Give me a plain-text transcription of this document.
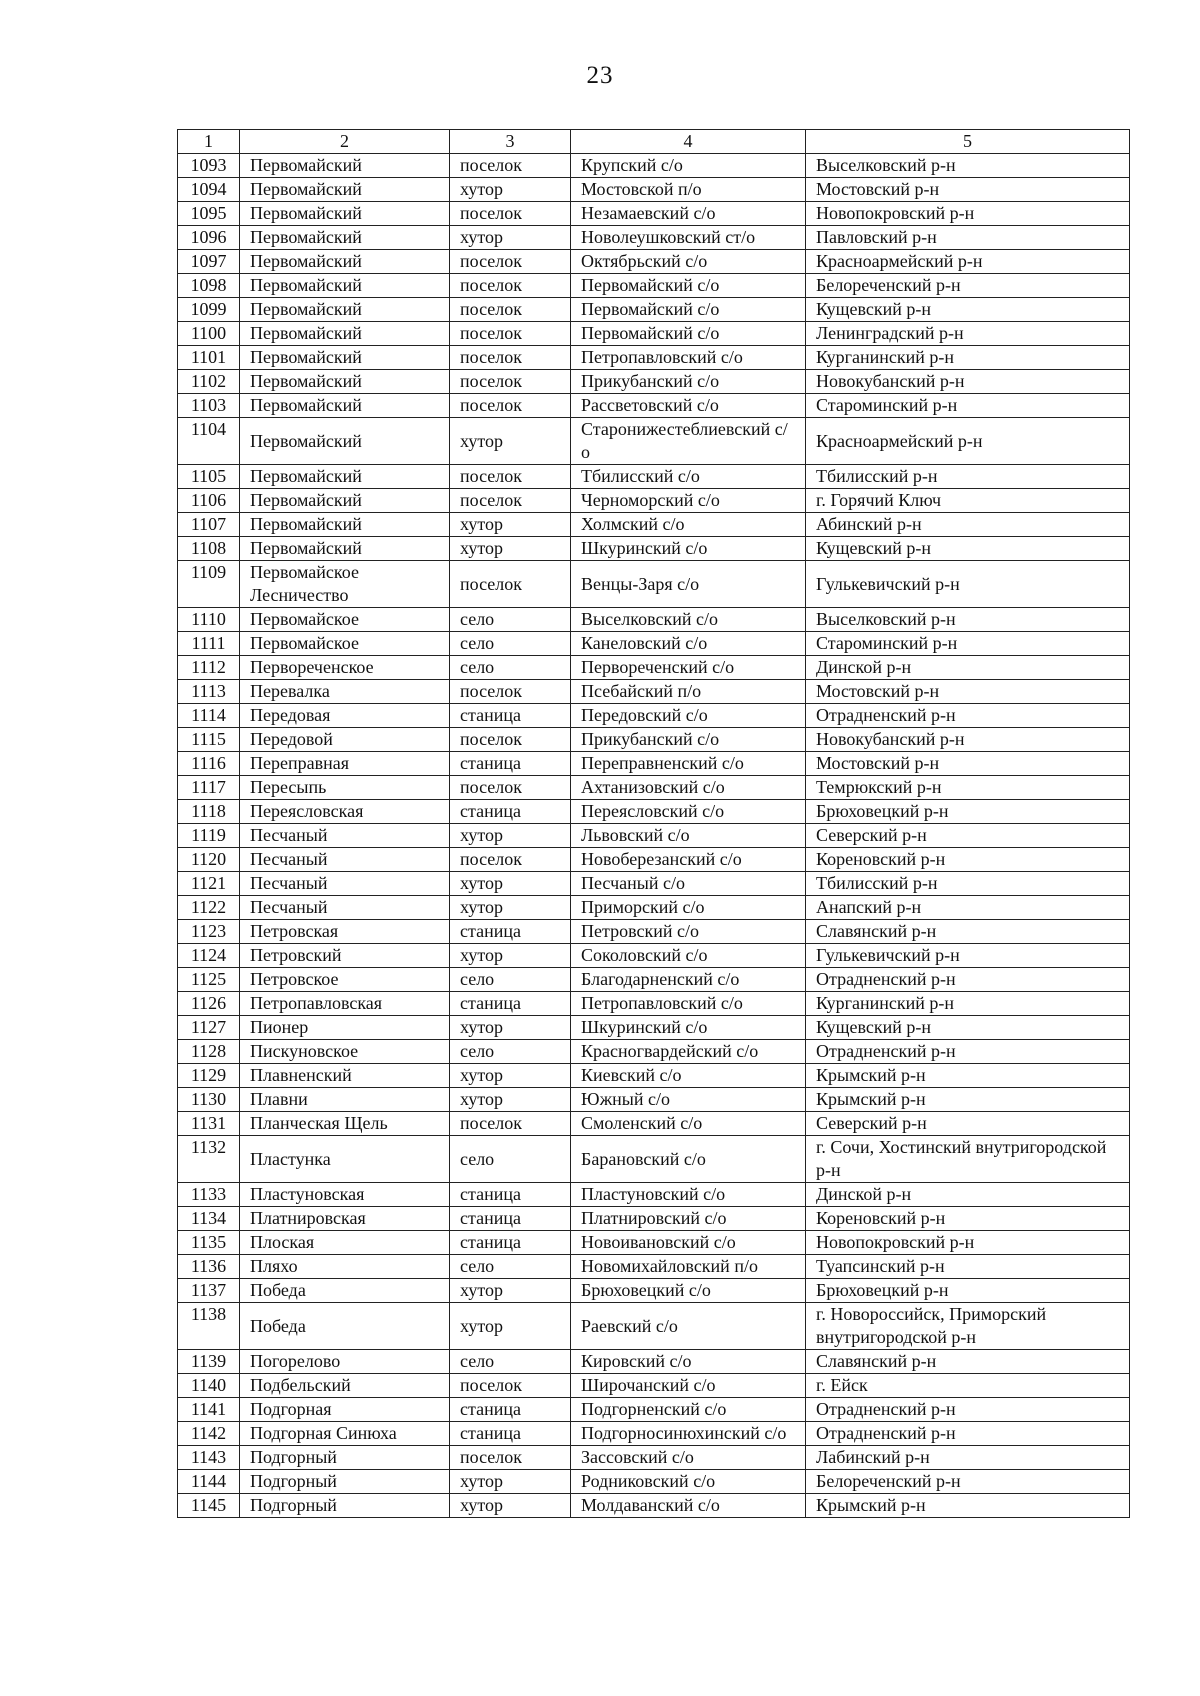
23
1	2	3	4	5
1093	Первомайский	поселок	Крупский с/о	Выселковский р-н
1094	Первомайский	хутор	Мостовской п/о	Мостовский р-н
1095	Первомайский	поселок	Незамаевский с/о	Новопокровский р-н
1096	Первомайский	хутор	Новолеушковский ст/о	Павловский р-н
1097	Первомайский	поселок	Октябрьский с/о	Красноармейский р-н
1098	Первомайский	поселок	Первомайский с/о	Белореченский р-н
1099	Первомайский	поселок	Первомайский с/о	Кущевский р-н
1100	Первомайский	поселок	Первомайский с/о	Ленинградский р-н
1101	Первомайский	поселок	Петропавловский с/о	Курганинский р-н
1102	Первомайский	поселок	Прикубанский с/о	Новокубанский р-н
1103	Первомайский	поселок	Рассветовский с/о	Староминский р-н
1104	Первомайский	хутор	Старонижестеблиевский с/о	Красноармейский р-н
1105	Первомайский	поселок	Тбилисский с/о	Тбилисский р-н
1106	Первомайский	поселок	Черноморский с/о	г. Горячий Ключ
1107	Первомайский	хутор	Холмский с/о	Абинский р-н
1108	Первомайский	хутор	Шкуринский с/о	Кущевский р-н
1109	Первомайское Лесничество	поселок	Венцы-Заря с/о	Гулькевичский р-н
1110	Первомайское	село	Выселковский с/о	Выселковский р-н
1111	Первомайское	село	Канеловский с/о	Староминский р-н
1112	Первореченское	село	Первореченский с/о	Динской р-н
1113	Перевалка	поселок	Псебайский п/о	Мостовский р-н
1114	Передовая	станица	Передовский с/о	Отрадненский р-н
1115	Передовой	поселок	Прикубанский с/о	Новокубанский р-н
1116	Переправная	станица	Переправненский с/о	Мостовский р-н
1117	Пересыпь	поселок	Ахтанизовский с/о	Темрюкский р-н
1118	Переясловская	станица	Переясловский с/о	Брюховецкий р-н
1119	Песчаный	хутор	Львовский с/о	Северский р-н
1120	Песчаный	поселок	Новоберезанский с/о	Кореновский р-н
1121	Песчаный	хутор	Песчаный с/о	Тбилисский р-н
1122	Песчаный	хутор	Приморский с/о	Анапский р-н
1123	Петровская	станица	Петровский с/о	Славянский р-н
1124	Петровский	хутор	Соколовский с/о	Гулькевичский р-н
1125	Петровское	село	Благодарненский с/о	Отрадненский р-н
1126	Петропавловская	станица	Петропавловский с/о	Курганинский р-н
1127	Пионер	хутор	Шкуринский с/о	Кущевский р-н
1128	Пискуновское	село	Красногвардейский с/о	Отрадненский р-н
1129	Плавненский	хутор	Киевский с/о	Крымский р-н
1130	Плавни	хутор	Южный с/о	Крымский р-н
1131	Планческая Щель	поселок	Смоленский с/о	Северский р-н
1132	Пластунка	село	Барановский с/о	г. Сочи, Хостинский внутригородской р-н
1133	Пластуновская	станица	Пластуновский с/о	Динской р-н
1134	Платнировская	станица	Платнировский с/о	Кореновский р-н
1135	Плоская	станица	Новоивановский с/о	Новопокровский р-н
1136	Пляхо	село	Новомихайловский п/о	Туапсинский р-н
1137	Победа	хутор	Брюховецкий с/о	Брюховецкий р-н
1138	Победа	хутор	Раевский с/о	г. Новороссийск, Приморский внутригородской р-н
1139	Погорелово	село	Кировский с/о	Славянский р-н
1140	Подбельский	поселок	Широчанский с/о	г. Ейск
1141	Подгорная	станица	Подгорненский с/о	Отрадненский р-н
1142	Подгорная Синюха	станица	Подгорносинюхинский с/о	Отрадненский р-н
1143	Подгорный	поселок	Зассовский с/о	Лабинский р-н
1144	Подгорный	хутор	Родниковский с/о	Белореченский р-н
1145	Подгорный	хутор	Молдаванский с/о	Крымский р-н
